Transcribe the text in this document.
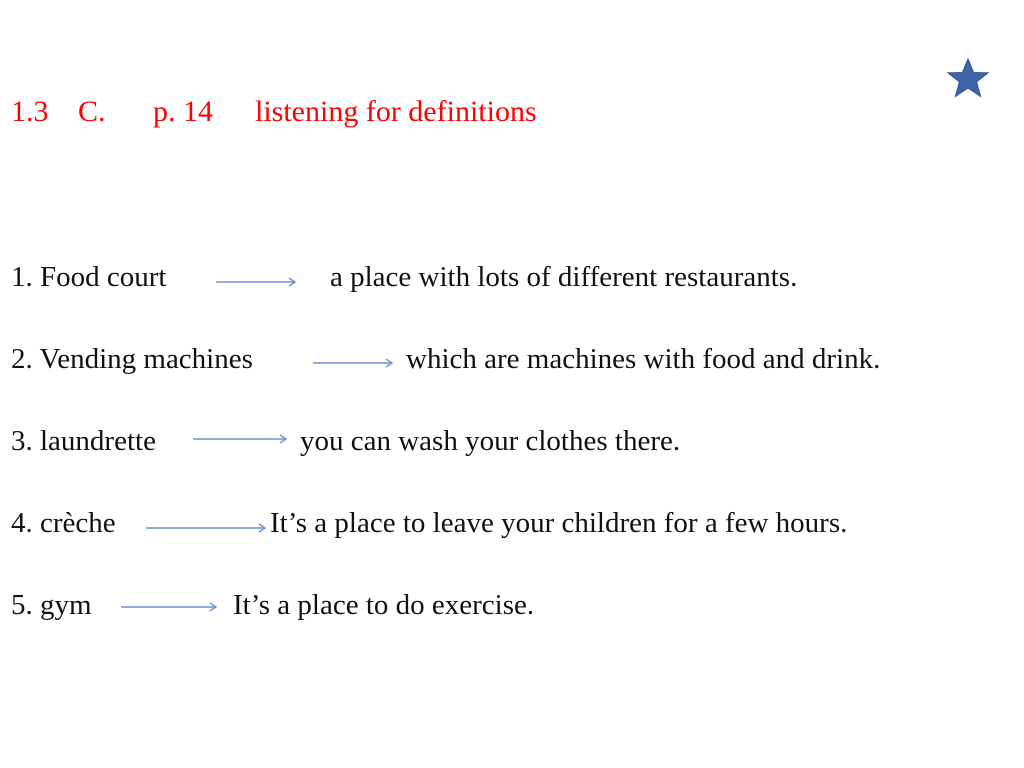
1.3 C. p. 14 listening for definitions
1. Food court	a place with lots of different restaurants.
2. Vending machines	which are machines with food and drink.
3. laundrette	you can wash your clothes there.
4. crèche	It’s a place to leave your children for a few hours.
5. gym	It’s a place to do exercise.
